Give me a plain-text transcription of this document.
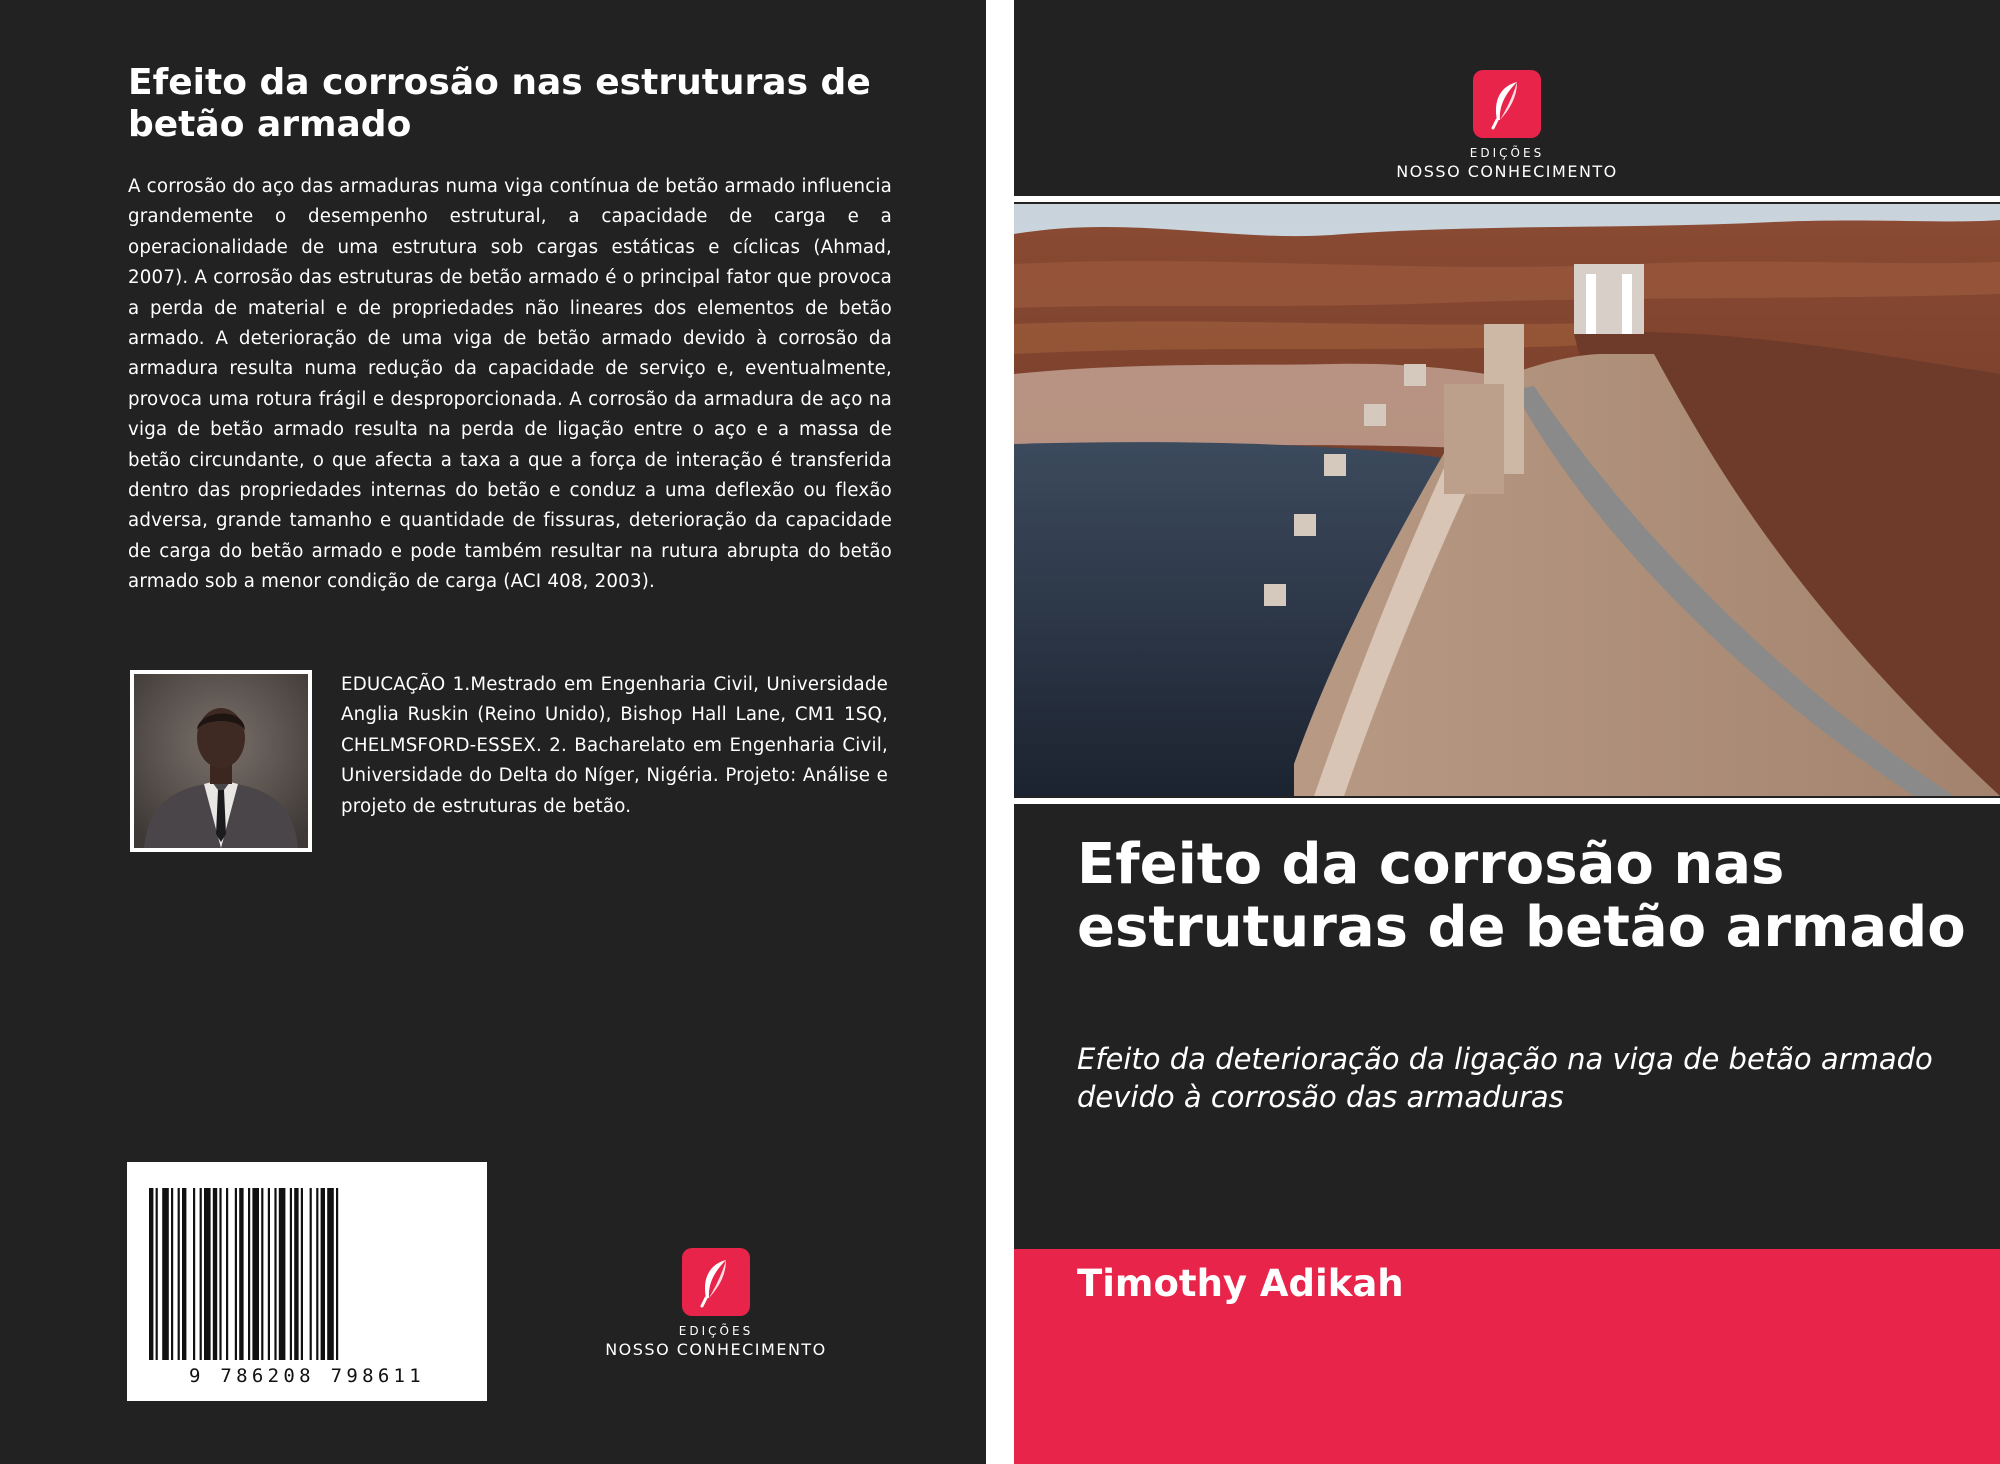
Efeito da corrosão nas estruturas de betão armado

A corrosão do aço das armaduras numa viga contínua de betão armado influencia grandemente o desempenho estrutural, a capacidade de carga e a operacionalidade de uma estrutura sob cargas estáticas e cíclicas (Ahmad, 2007). A corrosão das estruturas de betão armado é o principal fator que provoca a perda de material e de propriedades não lineares dos elementos de betão armado. A deterioração de uma viga de betão armado devido à corrosão da armadura resulta numa redução da capacidade de serviço e, eventualmente, provoca uma rotura frágil e desproporcionada. A corrosão da armadura de aço na viga de betão armado resulta na perda de ligação entre o aço e a massa de betão circundante, o que afecta a taxa a que a força de interação é transferida dentro das propriedades internas do betão e conduz a uma deflexão ou flexão adversa, grande tamanho e quantidade de fissuras, deterioração da capacidade de carga do betão armado e pode também resultar na rutura abrupta do betão armado sob a menor condição de carga (ACI 408, 2003).

EDUCAÇÃO 1.Mestrado em Engenharia Civil, Universidade Anglia Ruskin (Reino Unido), Bishop Hall Lane, CM1 1SQ, CHELMSFORD-ESSEX. 2. Bacharelato em Engenharia Civil, Universidade do Delta do Níger, Nigéria. Projeto: Análise e projeto de estruturas de betão.

9 786208 798611
EDIÇÕES
NOSSO CONHECIMENTO
EDIÇÕES
NOSSO CONHECIMENTO
Efeito da corrosão nas estruturas de betão armado

Efeito da deterioração da ligação na viga de betão armado devido à corrosão das armaduras

Timothy Adikah
